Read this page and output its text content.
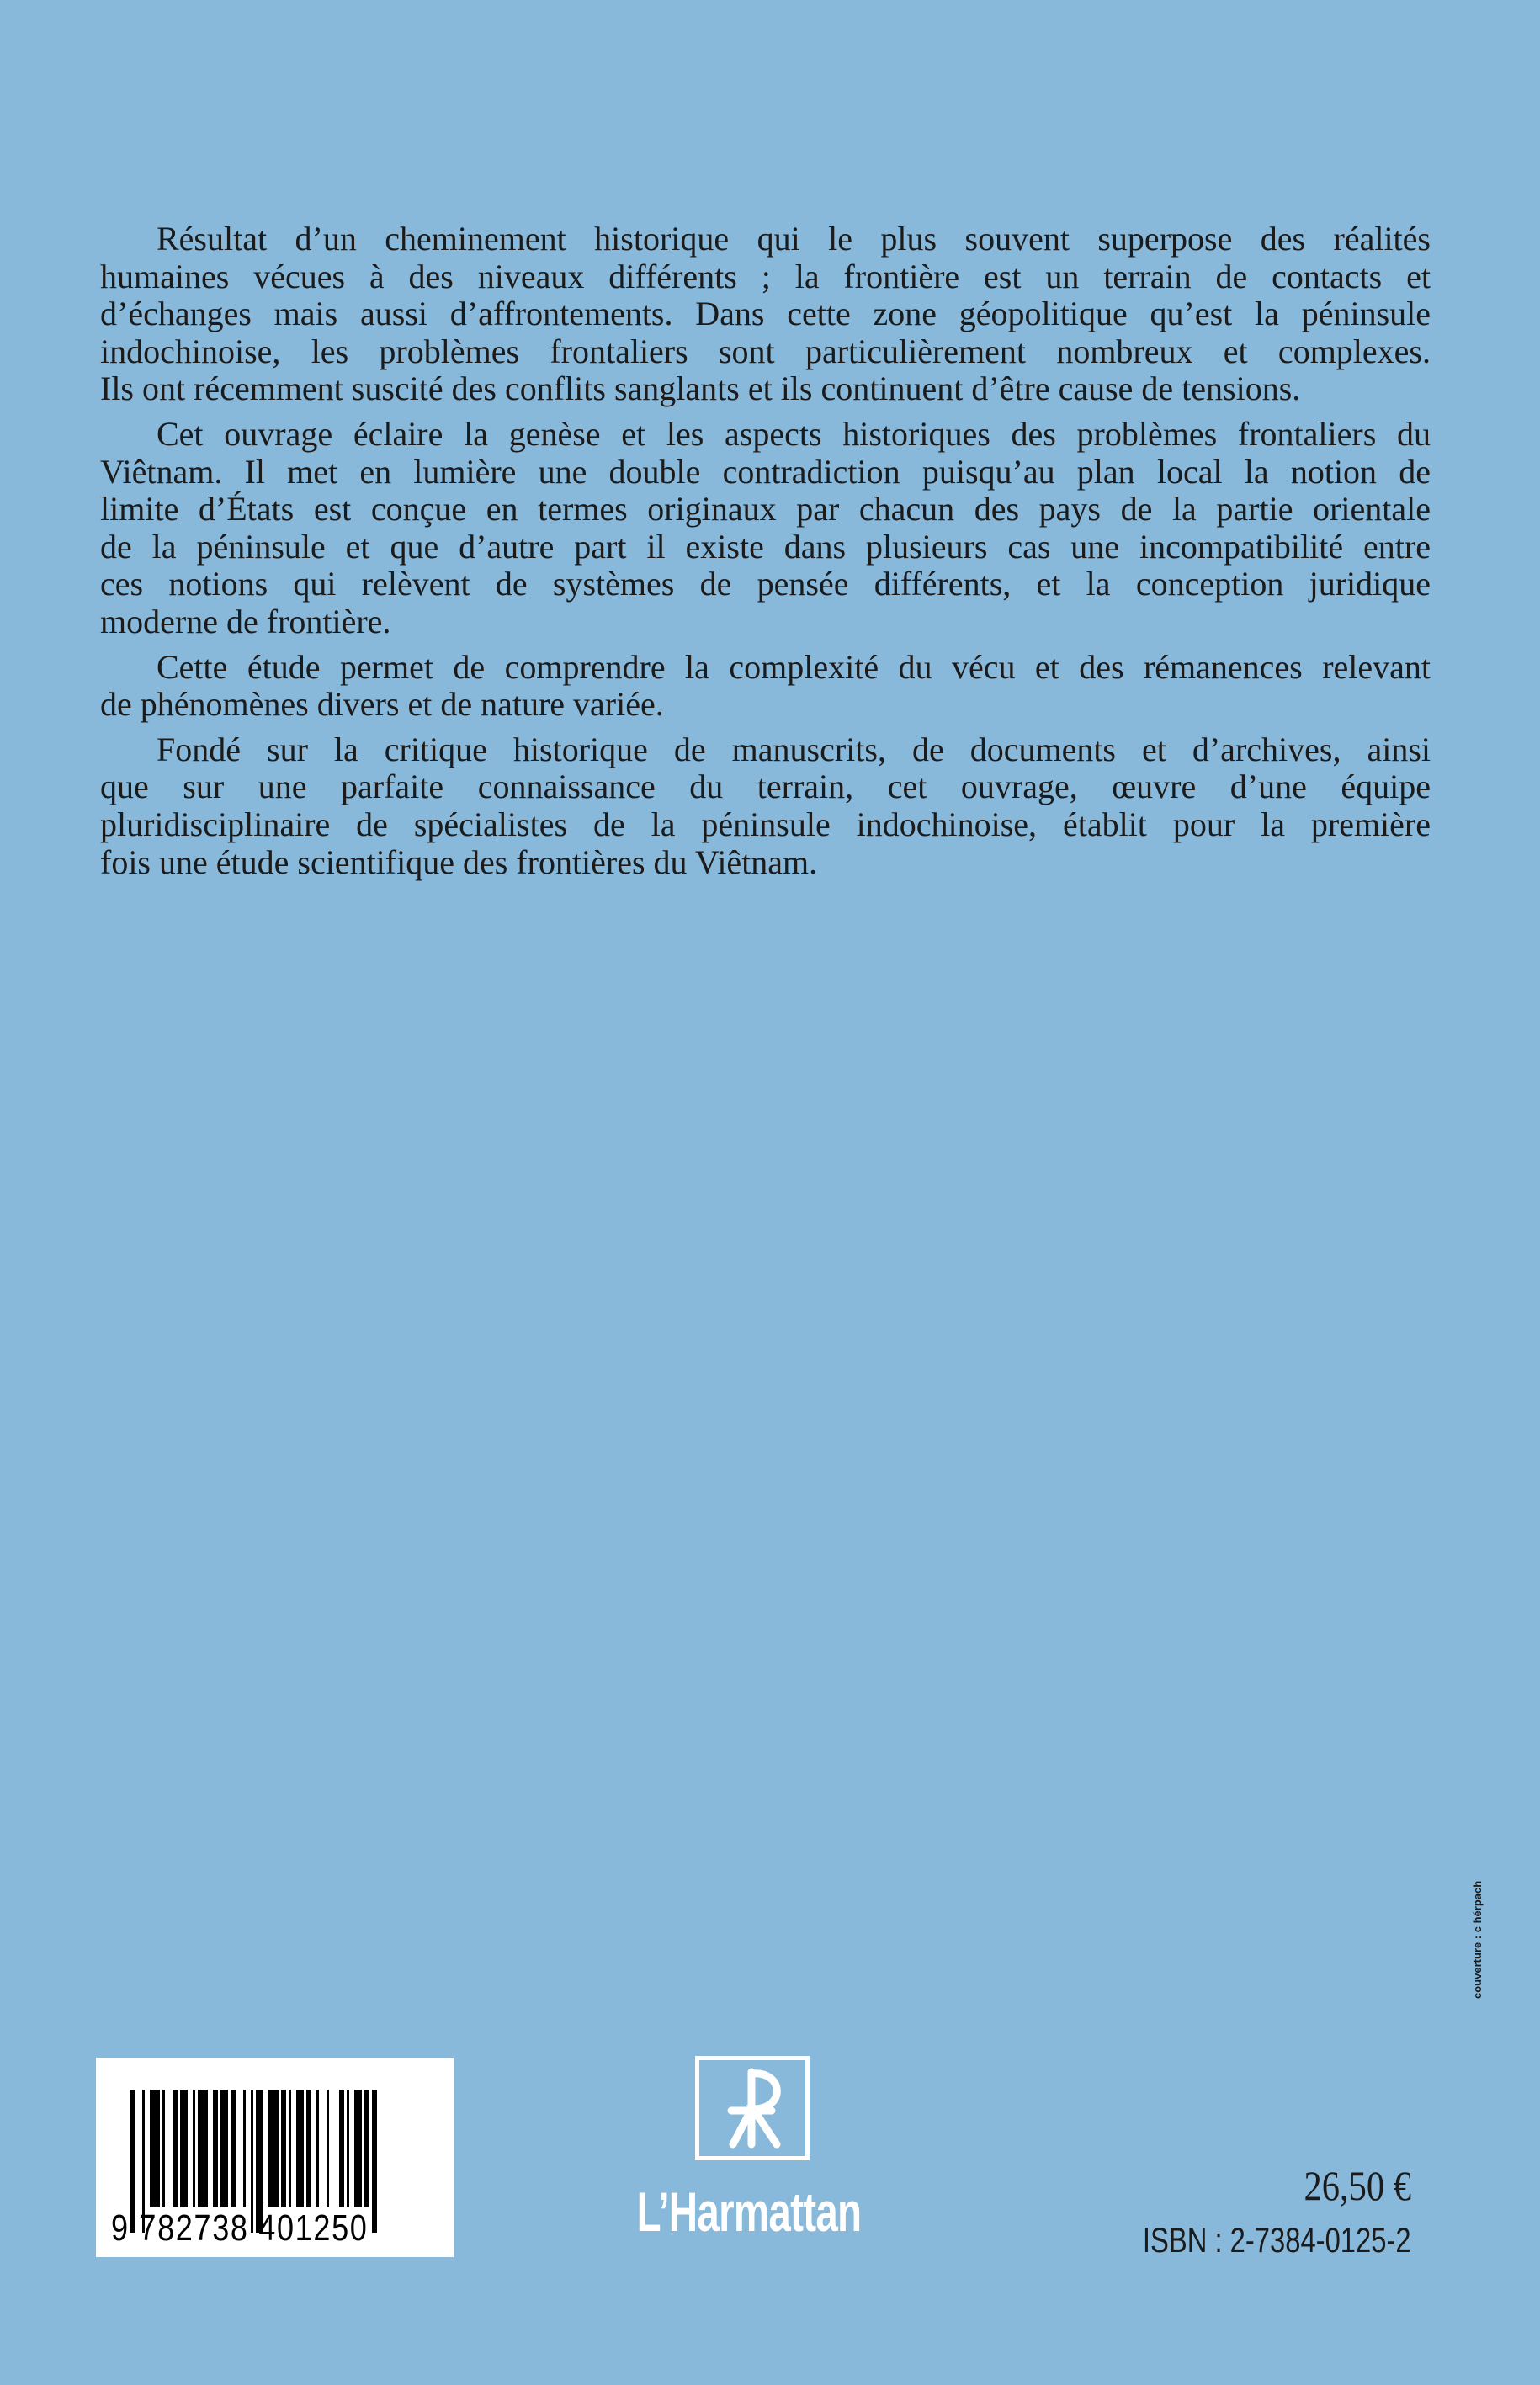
Résultat d’un cheminement historique qui le plus souvent superpose des réalités
humaines vécues à des niveaux différents ; la frontière est un terrain de contacts et
d’échanges mais aussi d’affrontements. Dans cette zone géopolitique qu’est la péninsule
indochinoise, les problèmes frontaliers sont particulièrement nombreux et complexes.
Ils ont récemment suscité des conflits sanglants et ils continuent d’être cause de tensions.
Cet ouvrage éclaire la genèse et les aspects historiques des problèmes frontaliers du
Viêtnam. Il met en lumière une double contradiction puisqu’au plan local la notion de
limite d’États est conçue en termes originaux par chacun des pays de la partie orientale
de la péninsule et que d’autre part il existe dans plusieurs cas une incompatibilité entre
ces notions qui relèvent de systèmes de pensée différents, et la conception juridique
moderne de frontière.
Cette étude permet de comprendre la complexité du vécu et des rémanences relevant
de phénomènes divers et de nature variée.
Fondé sur la critique historique de manuscrits, de documents et d’archives, ainsi
que sur une parfaite connaissance du terrain, cet ouvrage, œuvre d’une équipe
pluridisciplinaire de spécialistes de la péninsule indochinoise, établit pour la première
fois une étude scientifique des frontières du Viêtnam.
couverture : c hérpach
9 782738 401250	L’Harmattan	26,50 €
ISBN : 2-7384-0125-2
